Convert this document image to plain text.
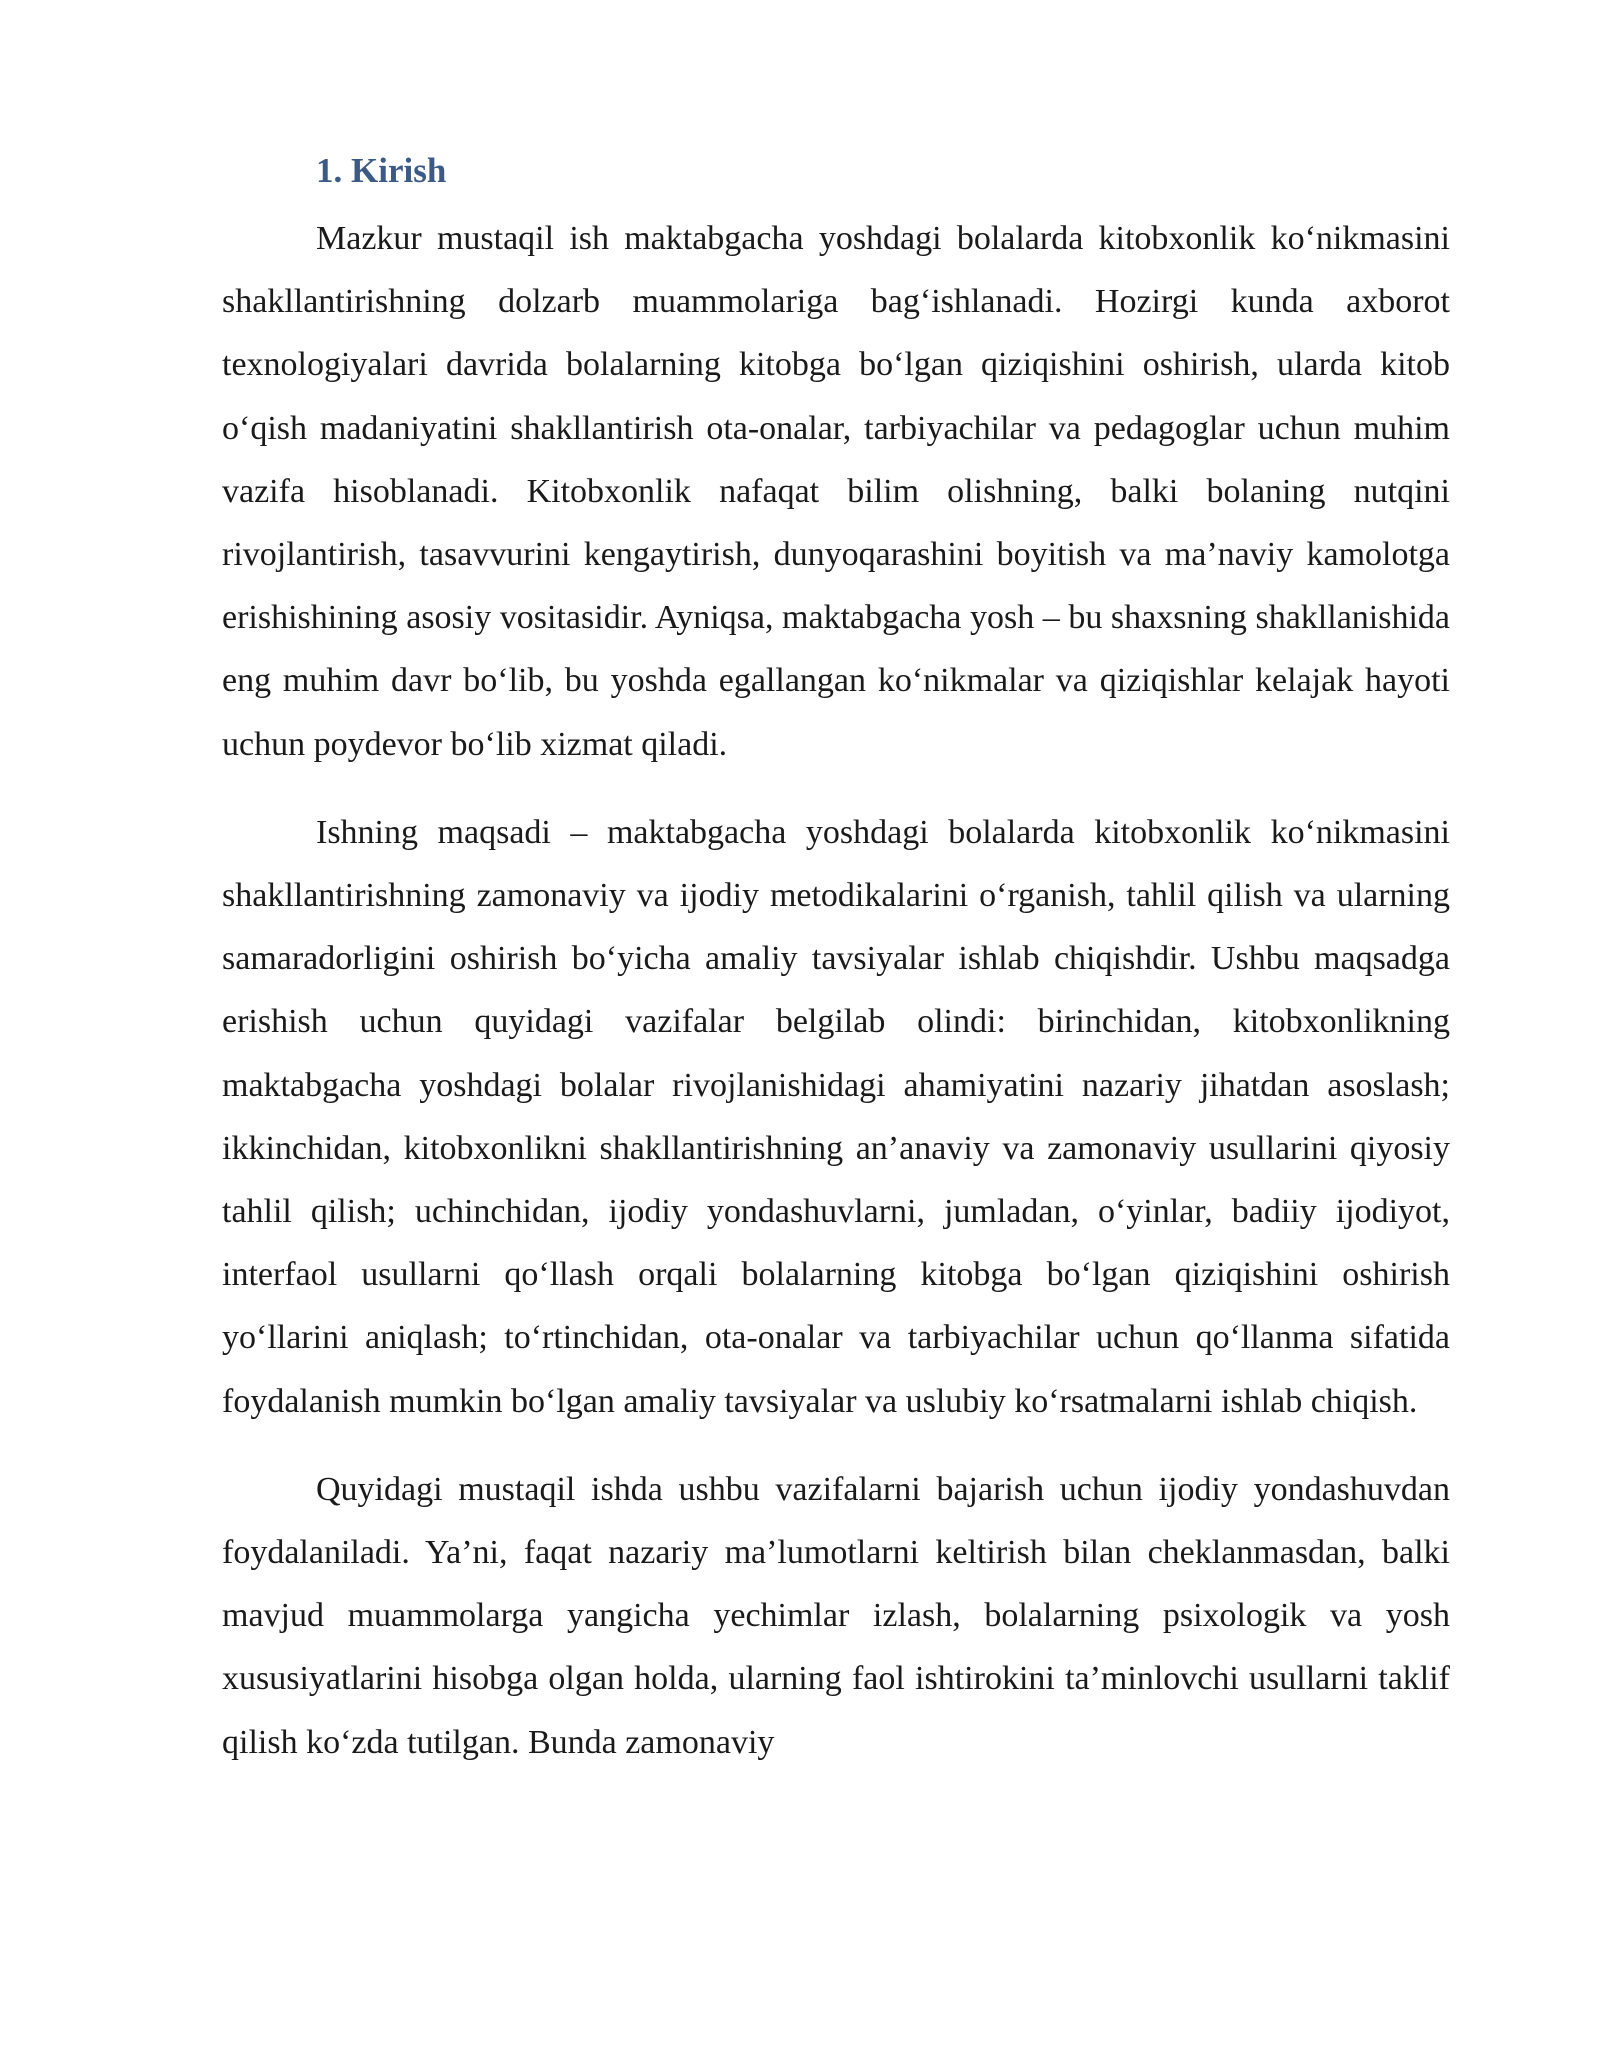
1. Kirish

Mazkur mustaqil ish maktabgacha yoshdagi bolalarda kitobxonlik ko‘nikmasini shakllantirishning dolzarb muammolariga bag‘ishlanadi. Hozirgi kunda axborot texnologiyalari davrida bolalarning kitobga bo‘lgan qiziqishini oshirish, ularda kitob o‘qish madaniyatini shakllantirish ota-onalar, tarbiyachilar va pedagoglar uchun muhim vazifa hisoblanadi. Kitobxonlik nafaqat bilim olishning, balki bolaning nutqini rivojlantirish, tasavvurini kengaytirish, dunyoqarashini boyitish va ma’naviy kamolotga erishishining asosiy vositasidir. Ayniqsa, maktabgacha yosh – bu shaxsning shakllanishida eng muhim davr bo‘lib, bu yoshda egallangan ko‘nikmalar va qiziqishlar kelajak hayoti uchun poydevor bo‘lib xizmat qiladi.

Ishning maqsadi – maktabgacha yoshdagi bolalarda kitobxonlik ko‘nikmasini shakllantirishning zamonaviy va ijodiy metodikalarini o‘rganish, tahlil qilish va ularning samaradorligini oshirish bo‘yicha amaliy tavsiyalar ishlab chiqishdir. Ushbu maqsadga erishish uchun quyidagi vazifalar belgilab olindi: birinchidan, kitobxonlikning maktabgacha yoshdagi bolalar rivojlanishidagi ahamiyatini nazariy jihatdan asoslash; ikkinchidan, kitobxonlikni shakllantirishning an’anaviy va zamonaviy usullarini qiyosiy tahlil qilish; uchinchidan, ijodiy yondashuvlarni, jumladan, o‘yinlar, badiiy ijodiyot, interfaol usullarni qo‘llash orqali bolalarning kitobga bo‘lgan qiziqishini oshirish yo‘llarini aniqlash; to‘rtinchidan, ota-onalar va tarbiyachilar uchun qo‘llanma sifatida foydalanish mumkin bo‘lgan amaliy tavsiyalar va uslubiy ko‘rsatmalarni ishlab chiqish.

Quyidagi mustaqil ishda ushbu vazifalarni bajarish uchun ijodiy yondashuvdan foydalaniladi. Ya’ni, faqat nazariy ma’lumotlarni keltirish bilan cheklanmasdan, balki mavjud muammolarga yangicha yechimlar izlash, bolalarning psixologik va yosh xususiyatlarini hisobga olgan holda, ularning faol ishtirokini ta’minlovchi usullarni taklif qilish ko‘zda tutilgan. Bunda zamonaviy
